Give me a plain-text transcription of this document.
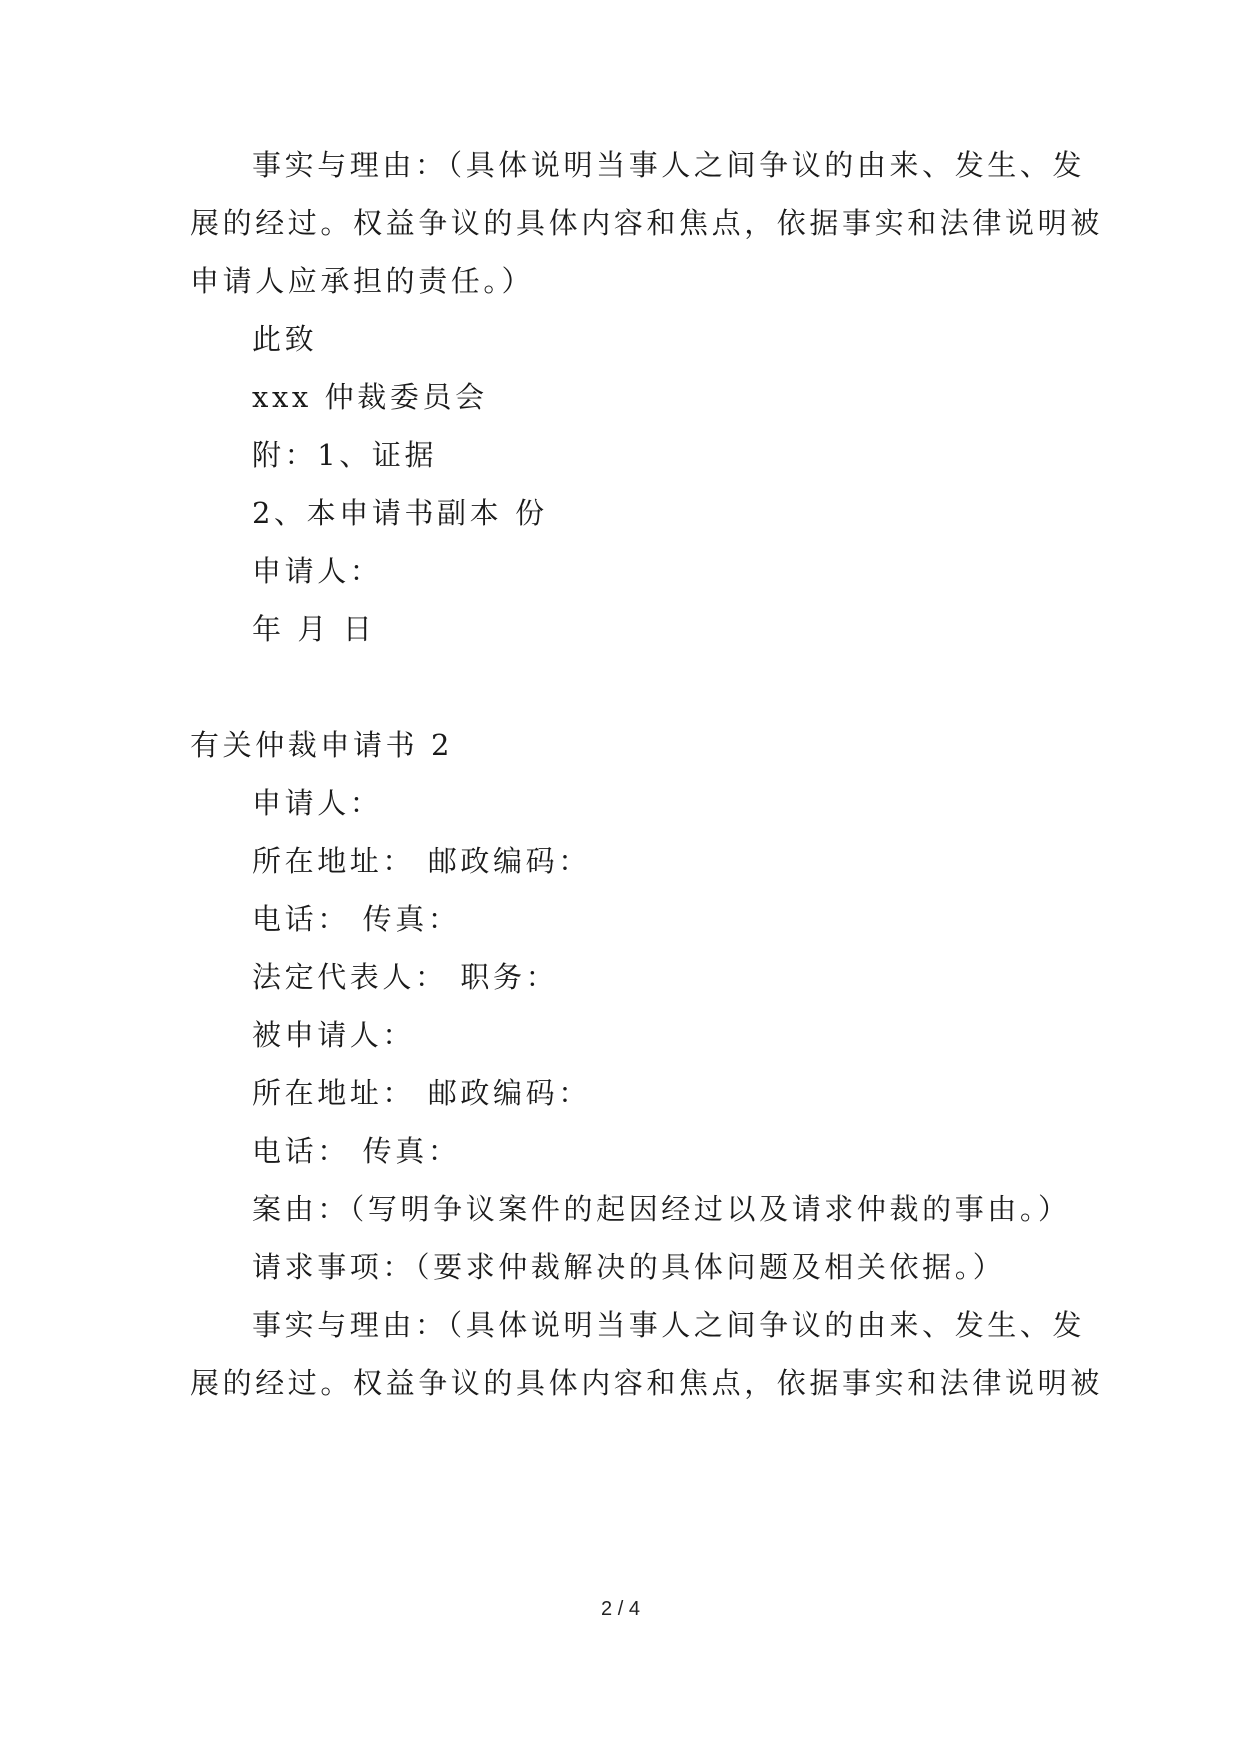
事实与理由：（具体说明当事人之间争议的由来、发生、发
展的经过。权益争议的具体内容和焦点，依据事实和法律说明被
申请人应承担的责任。）
此致
xxx 仲裁委员会
附：1、证据
2、本申请书副本 份
申请人：
年 月 日
有关仲裁申请书 2
申请人：
所在地址： 邮政编码：
电话： 传真：
法定代表人： 职务：
被申请人：
所在地址： 邮政编码：
电话： 传真：
案由：（写明争议案件的起因经过以及请求仲裁的事由。）
请求事项：（要求仲裁解决的具体问题及相关依据。）
事实与理由：（具体说明当事人之间争议的由来、发生、发
展的经过。权益争议的具体内容和焦点，依据事实和法律说明被
2 / 4
